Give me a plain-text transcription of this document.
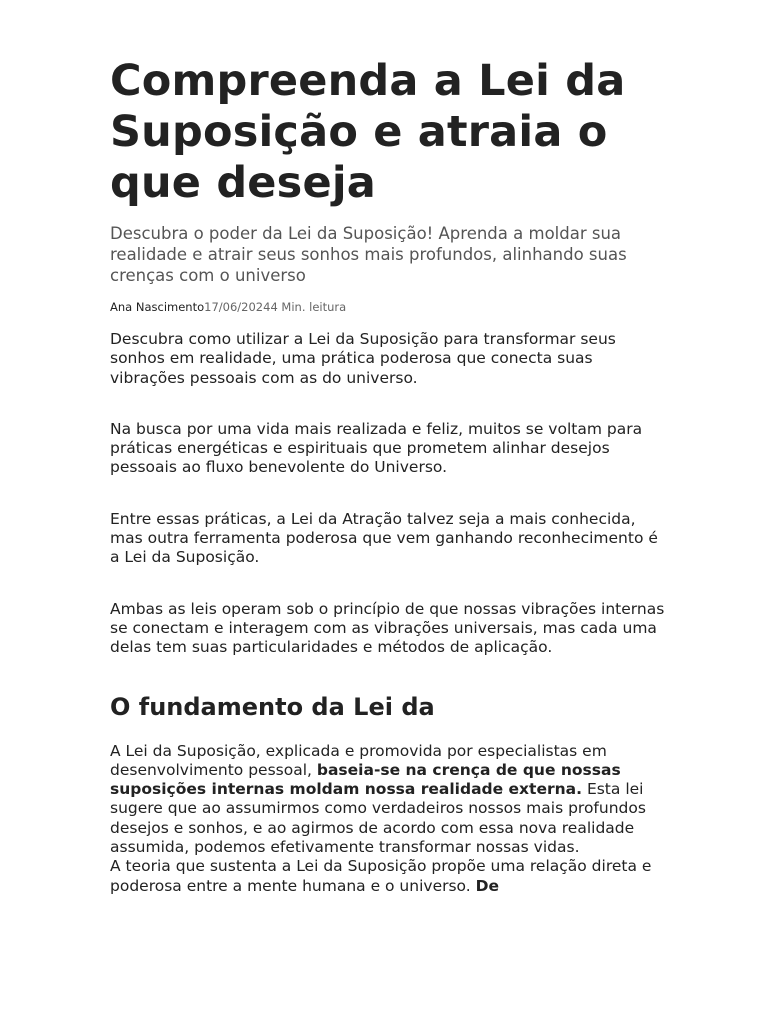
Compreenda a Lei da Suposição e atraia o que deseja

Descubra o poder da Lei da Suposição! Aprenda a moldar sua realidade e atrair seus sonhos mais profundos, alinhando suas crenças com o universo

Ana Nascimento17/06/20244 Min. leitura

Descubra como utilizar a Lei da Suposição para transformar seus sonhos em realidade, uma prática poderosa que conecta suas vibrações pessoais com as do universo.

Na busca por uma vida mais realizada e feliz, muitos se voltam para práticas energéticas e espirituais que prometem alinhar desejos pessoais ao fluxo benevolente do Universo.

Entre essas práticas, a Lei da Atração talvez seja a mais conhecida, mas outra ferramenta poderosa que vem ganhando reconhecimento é a Lei da Suposição.

Ambas as leis operam sob o princípio de que nossas vibrações internas se conectam e interagem com as vibrações universais, mas cada uma delas tem suas particularidades e métodos de aplicação.

O fundamento da Lei da

A Lei da Suposição, explicada e promovida por especialistas em desenvolvimento pessoal, baseia-se na crença de que nossas suposições internas moldam nossa realidade externa. Esta lei sugere que ao assumirmos como verdadeiros nossos mais profundos desejos e sonhos, e ao agirmos de acordo com essa nova realidade assumida, podemos efetivamente transformar nossas vidas.

A teoria que sustenta a Lei da Suposição propõe uma relação direta e poderosa entre a mente humana e o universo. De
